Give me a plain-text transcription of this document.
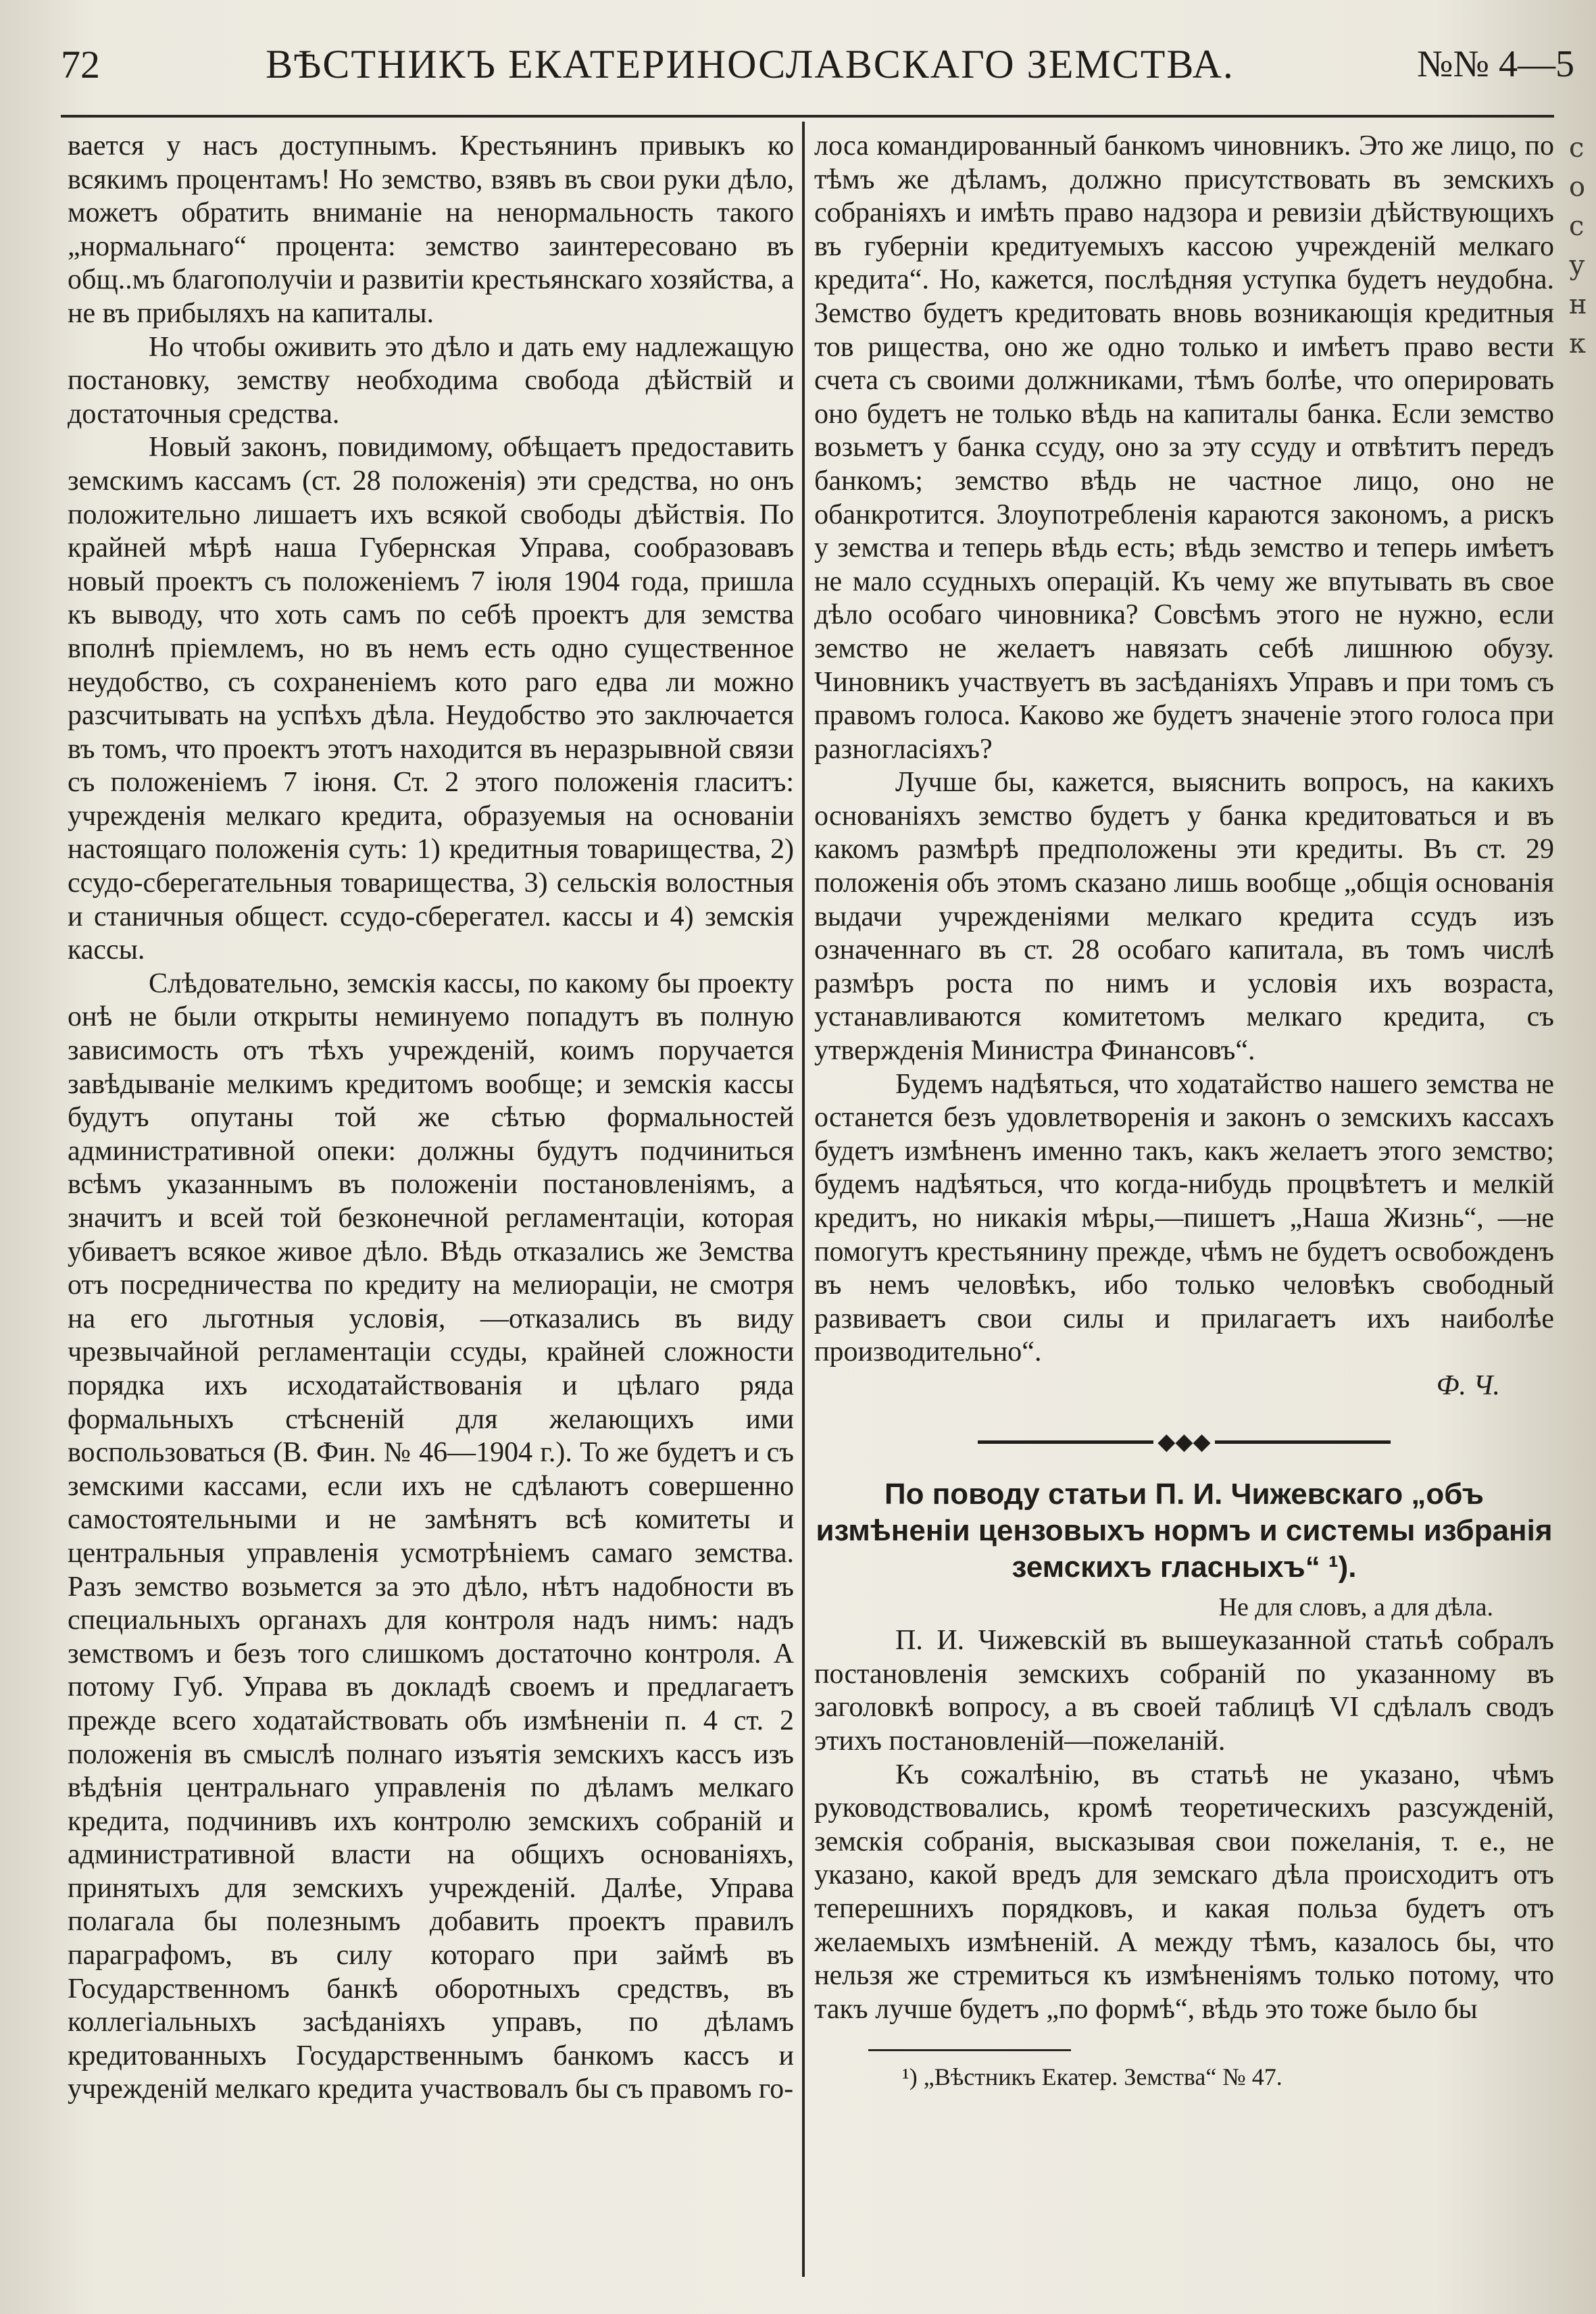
72	ВѢСТНИКЪ ЕКАТЕРИНОСЛАВСКАГО ЗЕМСТВА.	№№ 4—5

вается у насъ доступнымъ. Крестьянинъ привыкъ ко всякимъ процентамъ! Но земство, взявъ въ свои руки дѣло, можетъ обратить вниманіе на ненормальность такого „нормальнаго“ процента: земство заинтересовано въ общ..мъ благополучіи и развитіи крестьянскаго хозяйства, а не въ прибыляхъ на капиталы.

Но чтобы оживить это дѣло и дать ему надлежащую постановку, земству необходима свобода дѣйствій и достаточныя средства.

Новый законъ, повидимому, обѣщаетъ предоставить земскимъ кассамъ (ст. 28 положенія) эти средства, но онъ положительно лишаетъ ихъ всякой свободы дѣйствія. По крайней мѣрѣ наша Губернская Управа, сообразовавъ новый проектъ съ положеніемъ 7 іюля 1904 года, пришла къ выводу, что хоть самъ по себѣ проектъ для земства вполнѣ пріемлемъ, но въ немъ есть одно существенное неудобство, съ сохраненіемъ кото раго едва ли можно разсчитывать на успѣхъ дѣла. Неудобство это заключается въ томъ, что проектъ этотъ находится въ неразрывной связи съ положеніемъ 7 іюня. Ст. 2 этого положенія гласитъ: учрежденія мелкаго кредита, образуемыя на основаніи настоящаго положенія суть: 1) кредитныя товарищества, 2) ссудо-сберегательныя товарищества, 3) сельскія волостныя и станичныя общест. ссудо-сберегател. кассы и 4) земскія кассы.

Слѣдовательно, земскія кассы, по какому бы проекту онѣ не были открыты неминуемо попадутъ въ полную зависимость отъ тѣхъ учрежденій, коимъ поручается завѣдываніе мелкимъ кредитомъ вообще; и земскія кассы будутъ опутаны той же сѣтью формальностей административной опеки: должны будутъ подчиниться всѣмъ указаннымъ въ положеніи постановленіямъ, а значитъ и всей той безконечной регламентаціи, которая убиваетъ всякое живое дѣло. Вѣдь отказались же Земства отъ посредничества по кредиту на мелиораціи, не смотря на его льготныя условія, —отказались въ виду чрезвычайной регламентаціи ссуды, крайней сложности порядка ихъ исходатайствованія и цѣлаго ряда формальныхъ стѣсненій для желающихъ ими воспользоваться (В. Фин. № 46—1904 г.). То же будетъ и съ земскими кассами, если ихъ не сдѣлаютъ совершенно самостоятельными и не замѣнятъ всѣ комитеты и центральныя управленія усмотрѣніемъ самаго земства. Разъ земство возьмется за это дѣло, нѣтъ надобности въ специальныхъ органахъ для контроля надъ нимъ: надъ земствомъ и безъ того слишкомъ достаточно контроля. А потому Губ. Управа въ докладѣ своемъ и предлагаетъ прежде всего ходатайствовать объ измѣненіи п. 4 ст. 2 положенія въ смыслѣ полнаго изъятія земскихъ кассъ изъ вѣдѣнія центральнаго управленія по дѣламъ мелкаго кредита, подчинивъ ихъ контролю земскихъ собраній и административной власти на общихъ основаніяхъ, принятыхъ для земскихъ учрежденій. Далѣе, Управа полагала бы полезнымъ добавить проектъ правилъ параграфомъ, въ силу котораго при займѣ въ Государственномъ банкѣ оборотныхъ средствъ, въ коллегіальныхъ засѣданіяхъ управъ, по дѣламъ кредитованныхъ Государственнымъ банкомъ кассъ и учрежденій мелкаго кредита участвовалъ бы съ правомъ го-

лоса командированный банкомъ чиновникъ. Это же лицо, по тѣмъ же дѣламъ, должно присутствовать въ земскихъ собраніяхъ и имѣть право надзора и ревизіи дѣйствующихъ въ губерніи кредитуемыхъ кассою учрежденій мелкаго кредита“. Но, кажется, послѣдняя уступка будетъ неудобна. Земство будетъ кредитовать вновь возникающія кредитныя тов рищества, оно же одно только и имѣетъ право вести счета съ своими должниками, тѣмъ болѣе, что оперировать оно будетъ не только вѣдь на капиталы банка. Если земство возьметъ у банка ссуду, оно за эту ссуду и отвѣтитъ передъ банкомъ; земство вѣдь не частное лицо, оно не обанкротится. Злоупотребленія караются закономъ, а рискъ у земства и теперь вѣдь есть; вѣдь земство и теперь имѣетъ не мало ссудныхъ операцій. Къ чему же впутывать въ свое дѣло особаго чиновника? Совсѣмъ этого не нужно, если земство не желаетъ навязать себѣ лишнюю обузу. Чиновникъ участвуетъ въ засѣданіяхъ Управъ и при томъ съ правомъ голоса. Каково же будетъ значеніе этого голоса при разногласіяхъ?

Лучше бы, кажется, выяснить вопросъ, на какихъ основаніяхъ земство будетъ у банка кредитоваться и въ какомъ размѣрѣ предположены эти кредиты. Въ ст. 29 положенія объ этомъ сказано лишь вообще „общія основанія выдачи учрежденіями мелкаго кредита ссудъ изъ означеннаго въ ст. 28 особаго капитала, въ томъ числѣ размѣръ роста по нимъ и условія ихъ возраста, устанавливаются комитетомъ мелкаго кредита, съ утвержденія Министра Финансовъ“.

Будемъ надѣяться, что ходатайство нашего земства не останется безъ удовлетворенія и законъ о земскихъ кассахъ будетъ измѣненъ именно такъ, какъ желаетъ этого земство; будемъ надѣяться, что когда-нибудь процвѣтетъ и мелкій кредитъ, но никакія мѣры,—пишетъ „Наша Жизнь“, —не помогутъ крестьянину прежде, чѣмъ не будетъ освобожденъ въ немъ человѣкъ, ибо только человѣкъ свободный развиваетъ свои силы и прилагаетъ ихъ наиболѣе производительно“.

Ф. Ч.

◆◆◆
По поводу статьи П. И. Чижевскаго „объ измѣненіи цензовыхъ нормъ и системы избранія земскихъ гласныхъ“ ¹).
Не для словъ, а для дѣла.

П. И. Чижевскій въ вышеуказанной статьѣ собралъ постановленія земскихъ собраній по указанному въ заголовкѣ вопросу, а въ своей таблицѣ VI сдѣлалъ сводъ этихъ постановленій—пожеланій.

Къ сожалѣнію, въ статьѣ не указано, чѣмъ руководствовались, кромѣ теоретическихъ разсужденій, земскія собранія, высказывая свои пожеланія, т. е., не указано, какой вредъ для земскаго дѣла происходитъ отъ теперешнихъ порядковъ, и какая польза будетъ отъ желаемыхъ измѣненій. А между тѣмъ, казалось бы, что нельзя же стремиться къ измѣненіямъ только потому, что такъ лучше будетъ „по формѣ“, вѣдь это тоже было бы

¹) „Вѣстникъ Екатер. Земства“ № 47.
с
о
с
у
н
к
